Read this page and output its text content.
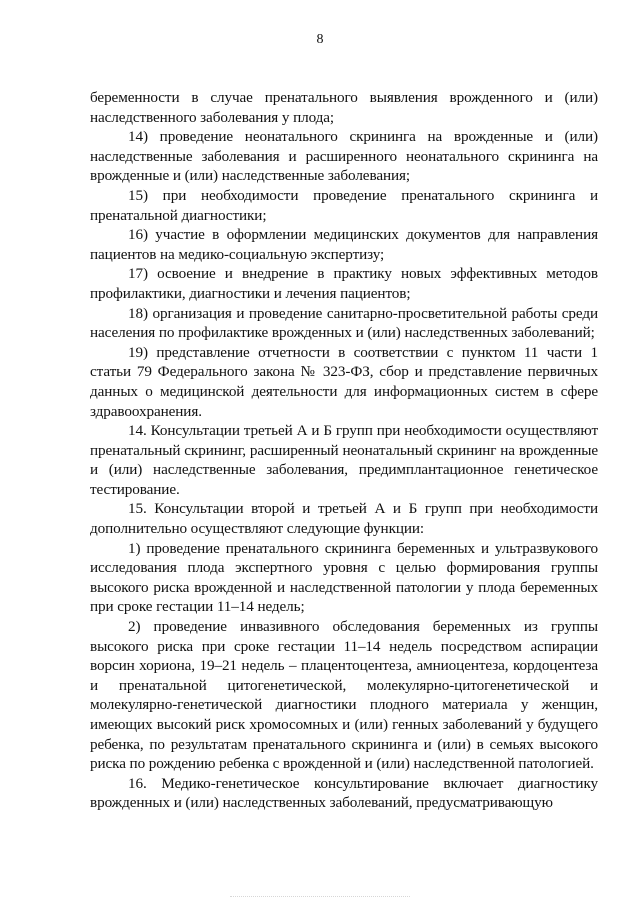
8

беременности в случае пренатального выявления врожденного и (или) наследственного заболевания у плода;

14) проведение неонатального скрининга на врожденные и (или) наследственные заболевания и расширенного неонатального скрининга на врожденные и (или) наследственные заболевания;

15) при необходимости проведение пренатального скрининга и пренатальной диагностики;

16) участие в оформлении медицинских документов для направления пациентов на медико-социальную экспертизу;

17) освоение и внедрение в практику новых эффективных методов профилактики, диагностики и лечения пациентов;

18) организация и проведение санитарно-просветительной работы среди населения по профилактике врожденных и (или) наследственных заболеваний;

19) представление отчетности в соответствии с пунктом 11 части 1 статьи 79 Федерального закона № 323-ФЗ, сбор и представление первичных данных о медицинской деятельности для информационных систем в сфере здравоохранения.

14. Консультации третьей А и Б групп при необходимости осуществляют пренатальный скрининг, расширенный неонатальный скрининг на врожденные и (или) наследственные заболевания, предимплантационное генетическое тестирование.

15. Консультации второй и третьей А и Б групп при необходимости дополнительно осуществляют следующие функции:

1) проведение пренатального скрининга беременных и ультразвукового исследования плода экспертного уровня с целью формирования группы высокого риска врожденной и наследственной патологии у плода беременных при сроке гестации 11–14 недель;

2) проведение инвазивного обследования беременных из группы высокого риска при сроке гестации 11–14 недель посредством аспирации ворсин хориона, 19–21 недель – плацентоцентеза, амниоцентеза, кордоцентеза и пренатальной цитогенетической, молекулярно-цитогенетической и молекулярно-генетической диагностики плодного материала у женщин, имеющих высокий риск хромосомных и (или) генных заболеваний у будущего ребенка, по результатам пренатального скрининга и (или) в семьях высокого риска по рождению ребенка с врожденной и (или) наследственной патологией.

16. Медико-генетическое консультирование включает диагностику врожденных и (или) наследственных заболеваний, предусматривающую
